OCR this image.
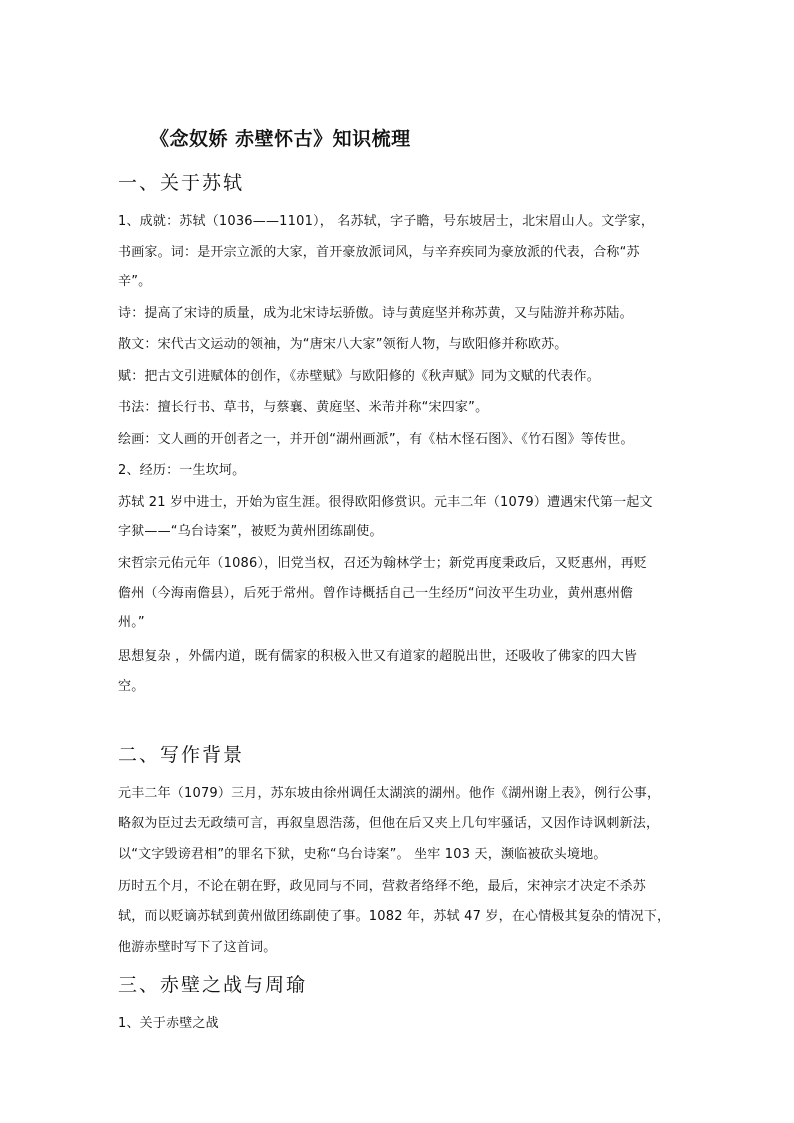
《念奴娇 赤壁怀古》知识梳理
一、关于苏轼
1、成就：苏轼（1036——1101）， 名苏轼，字子瞻，号东坡居士，北宋眉山人。文学家，
书画家。词：是开宗立派的大家，首开豪放派词风，与辛弃疾同为豪放派的代表，合称“苏
辛”。
诗：提高了宋诗的质量，成为北宋诗坛骄傲。诗与黄庭坚并称苏黄，又与陆游并称苏陆。
散文：宋代古文运动的领袖，为“唐宋八大家”领衔人物，与欧阳修并称欧苏。
赋：把古文引进赋体的创作，《赤壁赋》与欧阳修的《秋声赋》同为文赋的代表作。
书法：擅长行书、草书，与蔡襄、黄庭坚、米芾并称“宋四家”。
绘画：文人画的开创者之一，并开创“湖州画派”，有《枯木怪石图》、《竹石图》等传世。
2、经历：一生坎坷。
苏轼 21 岁中进士，开始为宦生涯。很得欧阳修赏识。元丰二年（1079）遭遇宋代第一起文
字狱——“乌台诗案”，被贬为黄州团练副使。
宋哲宗元佑元年（1086），旧党当权，召还为翰林学士；新党再度秉政后，又贬惠州，再贬
儋州（今海南儋县），后死于常州。曾作诗概括自己一生经历“问汝平生功业，黄州惠州儋
州。”
思想复杂 ，外儒内道，既有儒家的积极入世又有道家的超脱出世，还吸收了佛家的四大皆
空。
二、写作背景
元丰二年（1079）三月，苏东坡由徐州调任太湖滨的湖州。他作《湖州谢上表》，例行公事，
略叙为臣过去无政绩可言，再叙皇恩浩荡，但他在后又夹上几句牢骚话，又因作诗讽刺新法，
以“文字毁谤君相”的罪名下狱，史称“乌台诗案”。 坐牢 103 天，濒临被砍头境地。
历时五个月，不论在朝在野，政见同与不同，营救者络绎不绝，最后，宋神宗才决定不杀苏
轼，而以贬谪苏轼到黄州做团练副使了事。1082 年，苏轼 47 岁，在心情极其复杂的情况下，
他游赤壁时写下了这首词。
三、赤壁之战与周瑜
1、关于赤壁之战
